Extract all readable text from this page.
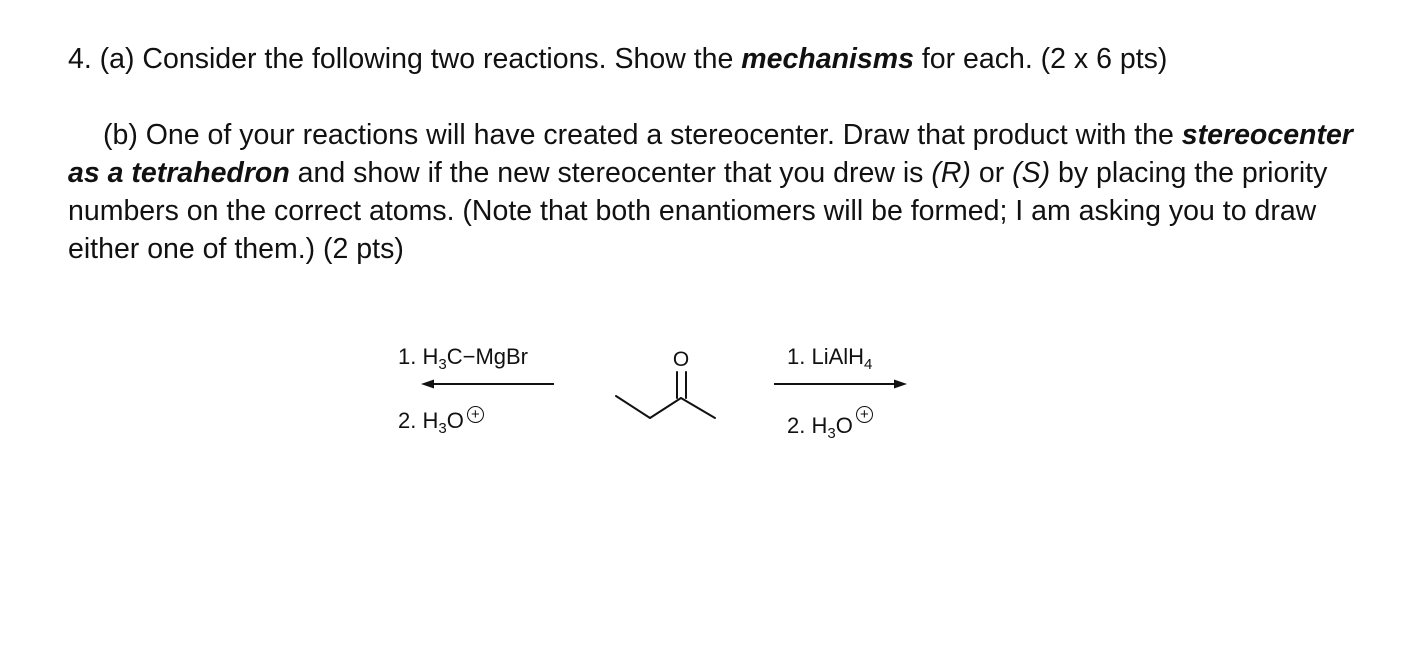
4. (a) Consider the following two reactions. Show the mechanisms for each. (2 x 6 pts)

(b) One of your reactions will have created a stereocenter. Draw that product with the stereocenter as a tetrahedron and show if the new stereocenter that you drew is (R) or (S) by placing the priority numbers on the correct atoms. (Note that both enantiomers will be formed; I am asking you to draw either one of them.) (2 pts)

1. $H_3C-MgBr$
2. $H_3O$ +
1. LiAlH$_4$
2. $H_3O$ +
O
